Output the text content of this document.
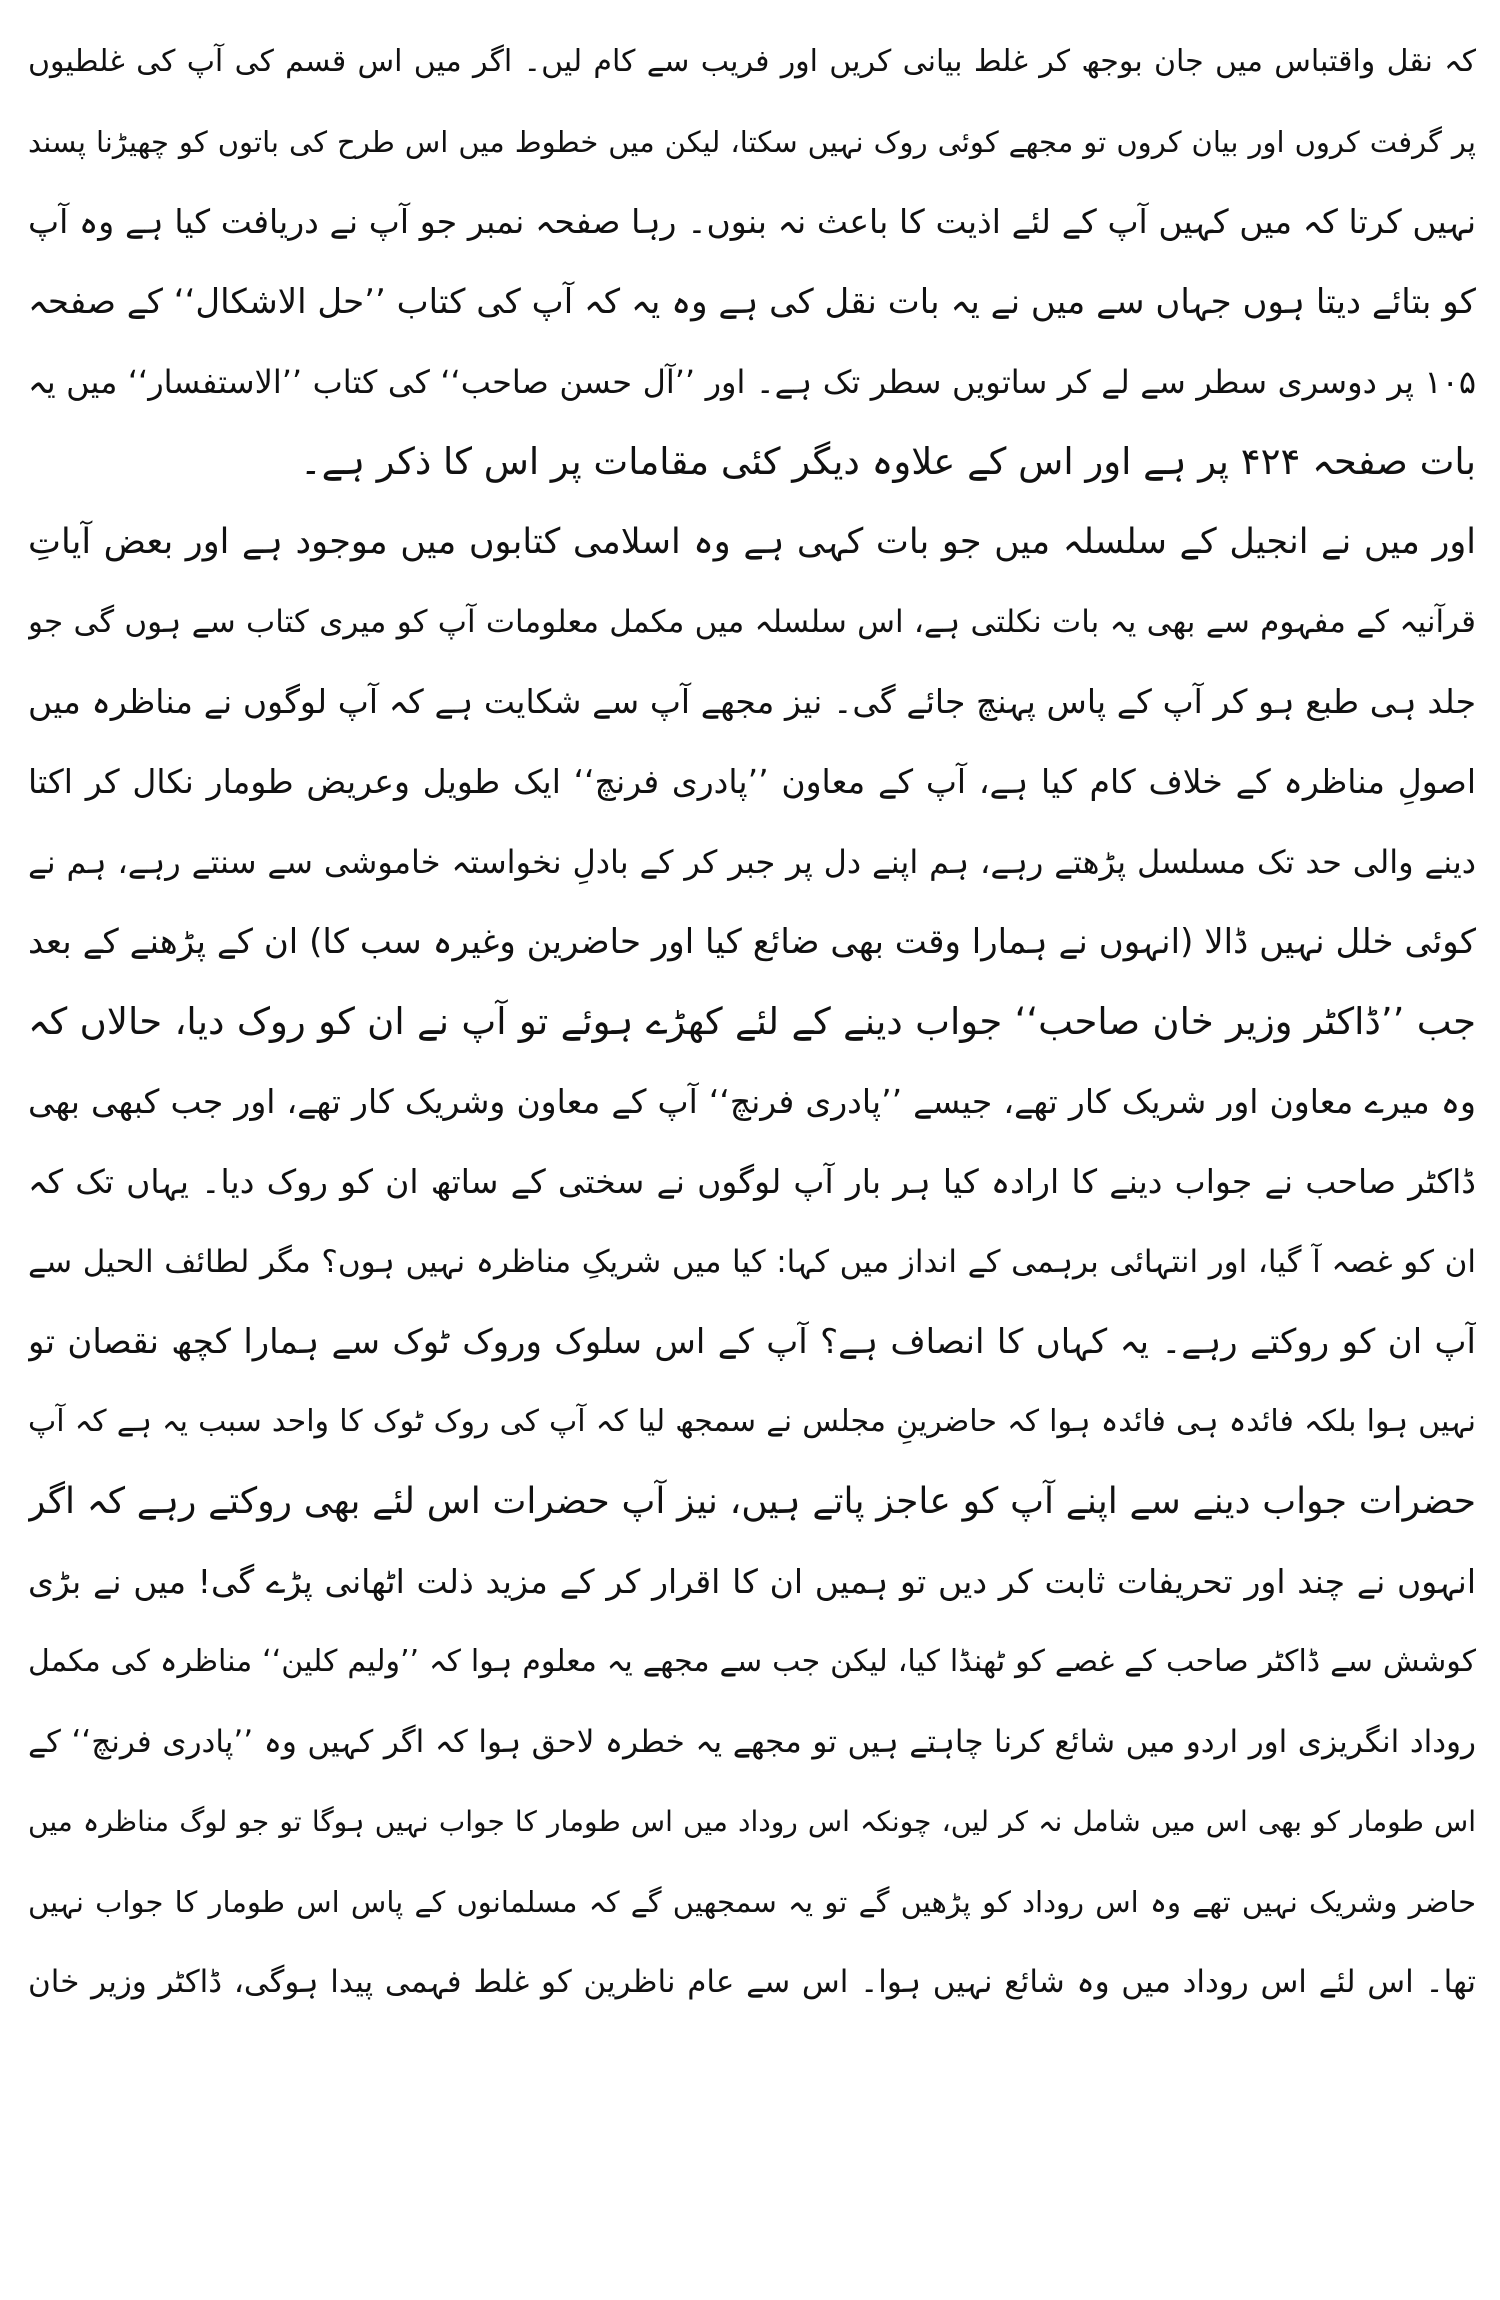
کہ نقل واقتباس میں جان بوجھ کر غلط بیانی کریں اور فریب سے کام لیں۔ اگر میں اس قسم کی آپ کی غلطیوں
پر گرفت کروں اور بیان کروں تو مجھے کوئی روک نہیں سکتا، لیکن میں خطوط میں اس طرح کی باتوں کو چھیڑنا پسند
نہیں کرتا کہ میں کہیں آپ کے لئے اذیت کا باعث نہ بنوں۔ رہا صفحہ نمبر جو آپ نے دریافت کیا ہے وہ آپ
کو بتائے دیتا ہوں جہاں سے میں نے یہ بات نقل کی ہے وہ یہ کہ آپ کی کتاب ’’حل الاشکال‘‘ کے صفحہ
۱۰۵ پر دوسری سطر سے لے کر ساتویں سطر تک ہے۔ اور ’’آل حسن صاحب‘‘ کی کتاب ’’الاستفسار‘‘ میں یہ
بات صفحہ ۴۲۴ پر ہے اور اس کے علاوہ دیگر کئی مقامات پر اس کا ذکر ہے۔
اور میں نے انجیل کے سلسلہ میں جو بات کہی ہے وہ اسلامی کتابوں میں موجود ہے اور بعض آیاتِ
قرآنیہ کے مفہوم سے بھی یہ بات نکلتی ہے، اس سلسلہ میں مکمل معلومات آپ کو میری کتاب سے ہوں گی جو
جلد ہی طبع ہو کر آپ کے پاس پہنچ جائے گی۔ نیز مجھے آپ سے شکایت ہے کہ آپ لوگوں نے مناظرہ میں
اصولِ مناظرہ کے خلاف کام کیا ہے، آپ کے معاون ’’پادری فرنچ‘‘ ایک طویل وعریض طومار نکال کر اکتا
دینے والی حد تک مسلسل پڑھتے رہے، ہم اپنے دل پر جبر کر کے بادلِ نخواستہ خاموشی سے سنتے رہے، ہم نے
کوئی خلل نہیں ڈالا (انہوں نے ہمارا وقت بھی ضائع کیا اور حاضرین وغیرہ سب کا) ان کے پڑھنے کے بعد
جب ’’ڈاکٹر وزیر خان صاحب‘‘ جواب دینے کے لئے کھڑے ہوئے تو آپ نے ان کو روک دیا، حالاں کہ
وہ میرے معاون اور شریک کار تھے، جیسے ’’پادری فرنچ‘‘ آپ کے معاون وشریک کار تھے، اور جب کبھی بھی
ڈاکٹر صاحب نے جواب دینے کا ارادہ کیا ہر بار آپ لوگوں نے سختی کے ساتھ ان کو روک دیا۔ یہاں تک کہ
ان کو غصہ آ گیا، اور انتہائی برہمی کے انداز میں کہا: کیا میں شریکِ مناظرہ نہیں ہوں؟ مگر لطائف الحیل سے
آپ ان کو روکتے رہے۔ یہ کہاں کا انصاف ہے؟ آپ کے اس سلوک وروک ٹوک سے ہمارا کچھ نقصان تو
نہیں ہوا بلکہ فائدہ ہی فائدہ ہوا کہ حاضرینِ مجلس نے سمجھ لیا کہ آپ کی روک ٹوک کا واحد سبب یہ ہے کہ آپ
حضرات جواب دینے سے اپنے آپ کو عاجز پاتے ہیں، نیز آپ حضرات اس لئے بھی روکتے رہے کہ اگر
انہوں نے چند اور تحریفات ثابت کر دیں تو ہمیں ان کا اقرار کر کے مزید ذلت اٹھانی پڑے گی! میں نے بڑی
کوشش سے ڈاکٹر صاحب کے غصے کو ٹھنڈا کیا، لیکن جب سے مجھے یہ معلوم ہوا کہ ’’ولیم کلین‘‘ مناظرہ کی مکمل
روداد انگریزی اور اردو میں شائع کرنا چاہتے ہیں تو مجھے یہ خطرہ لاحق ہوا کہ اگر کہیں وہ ’’پادری فرنچ‘‘ کے
اس طومار کو بھی اس میں شامل نہ کر لیں، چونکہ اس روداد میں اس طومار کا جواب نہیں ہوگا تو جو لوگ مناظرہ میں
حاضر وشریک نہیں تھے وہ اس روداد کو پڑھیں گے تو یہ سمجھیں گے کہ مسلمانوں کے پاس اس طومار کا جواب نہیں
تھا۔ اس لئے اس روداد میں وہ شائع نہیں ہوا۔ اس سے عام ناظرین کو غلط فہمی پیدا ہوگی، ڈاکٹر وزیر خان
